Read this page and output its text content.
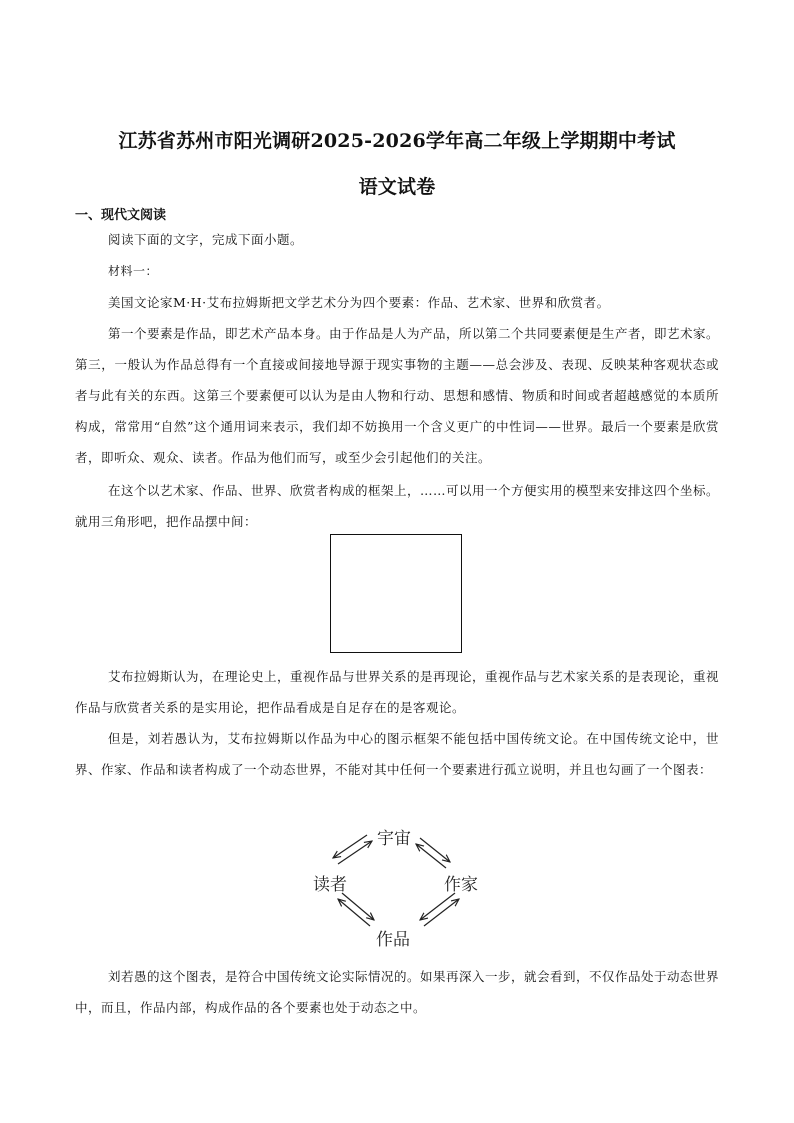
江苏省苏州市阳光调研2025-2026学年高二年级上学期期中考试
语文试卷
一、现代文阅读
阅读下面的文字，完成下面小题。
材料一：
美国文论家M·H·艾布拉姆斯把文学艺术分为四个要素：作品、艺术家、世界和欣赏者。
第一个要素是作品，即艺术产品本身。由于作品是人为产品，所以第二个共同要素便是生产者，即艺术家。第三，一般认为作品总得有一个直接或间接地导源于现实事物的主题——总会涉及、表现、反映某种客观状态或者与此有关的东西。这第三个要素便可以认为是由人物和行动、思想和感情、物质和时间或者超越感觉的本质所构成，常常用“自然”这个通用词来表示，我们却不妨换用一个含义更广的中性词——世界。最后一个要素是欣赏者，即听众、观众、读者。作品为他们而写，或至少会引起他们的关注。
在这个以艺术家、作品、世界、欣赏者构成的框架上，……可以用一个方便实用的模型来安排这四个坐标。就用三角形吧，把作品摆中间：
艾布拉姆斯认为，在理论史上，重视作品与世界关系的是再现论，重视作品与艺术家关系的是表现论，重视作品与欣赏者关系的是实用论，把作品看成是自足存在的是客观论。
但是，刘若愚认为，艾布拉姆斯以作品为中心的图示框架不能包括中国传统文论。在中国传统文论中，世界、作家、作品和读者构成了一个动态世界，不能对其中任何一个要素进行孤立说明，并且也勾画了一个图表：
宇宙
读者	作家
作品
刘若愚的这个图表，是符合中国传统文论实际情况的。如果再深入一步，就会看到，不仅作品处于动态世界中，而且，作品内部，构成作品的各个要素也处于动态之中。
